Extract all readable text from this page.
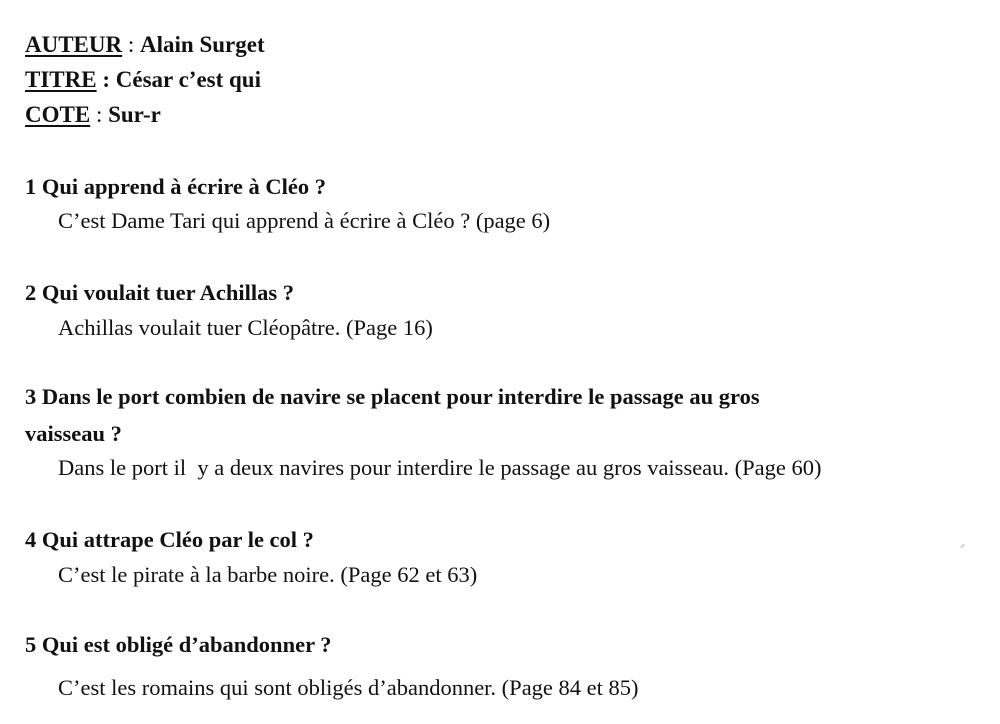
AUTEUR : Alain Surget
TITRE : César c’est qui
COTE : Sur-r
1 Qui apprend à écrire à Cléo ?
C’est Dame Tari qui apprend à écrire à Cléo ? (page 6)
2 Qui voulait tuer Achillas ?
Achillas voulait tuer Cléopâtre. (Page 16)
3 Dans le port combien de navire se placent pour interdire le passage au gros
vaisseau ?
Dans le port il  y a deux navires pour interdire le passage au gros vaisseau. (Page 60)
4 Qui attrape Cléo par le col ?
C’est le pirate à la barbe noire. (Page 62 et 63)
5 Qui est obligé d’abandonner ?
C’est les romains qui sont obligés d’abandonner. (Page 84 et 85)
